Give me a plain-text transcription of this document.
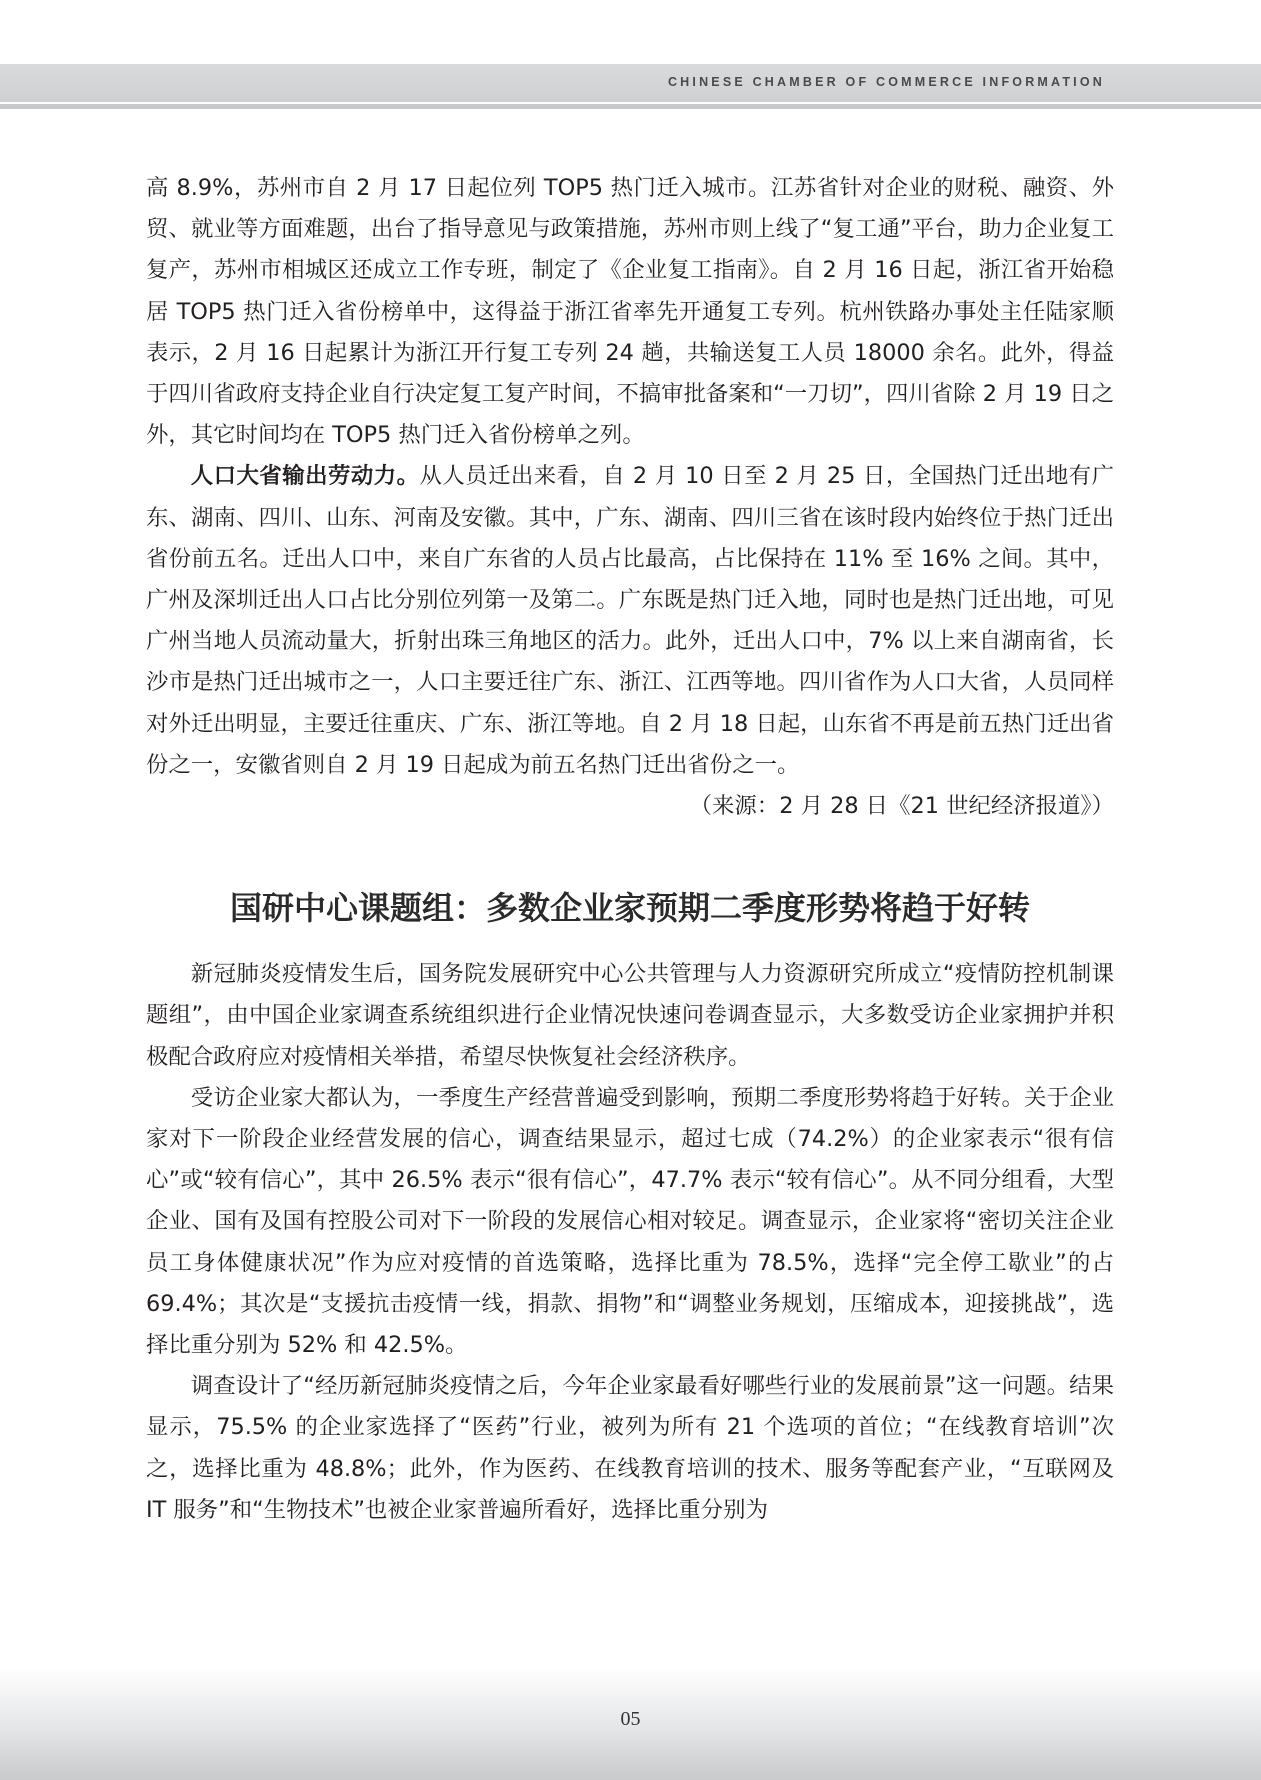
CHINESE CHAMBER OF COMMERCE INFORMATION

高 8.9%，苏州市自 2 月 17 日起位列 TOP5 热门迁入城市。江苏省针对企业的财税、融资、外贸、就业等方面难题，出台了指导意见与政策措施，苏州市则上线了“复工通”平台，助力企业复工复产，苏州市相城区还成立工作专班，制定了《企业复工指南》。自 2 月 16 日起，浙江省开始稳居 TOP5 热门迁入省份榜单中，这得益于浙江省率先开通复工专列。杭州铁路办事处主任陆家顺表示，2 月 16 日起累计为浙江开行复工专列 24 趟，共输送复工人员 18000 余名。此外，得益于四川省政府支持企业自行决定复工复产时间，不搞审批备案和“一刀切”，四川省除 2 月 19 日之外，其它时间均在 TOP5 热门迁入省份榜单之列。

人口大省输出劳动力。从人员迁出来看，自 2 月 10 日至 2 月 25 日，全国热门迁出地有广东、湖南、四川、山东、河南及安徽。其中，广东、湖南、四川三省在该时段内始终位于热门迁出省份前五名。迁出人口中，来自广东省的人员占比最高，占比保持在 11% 至 16% 之间。其中，广州及深圳迁出人口占比分别位列第一及第二。广东既是热门迁入地，同时也是热门迁出地，可见广州当地人员流动量大，折射出珠三角地区的活力。此外，迁出人口中，7% 以上来自湖南省，长沙市是热门迁出城市之一，人口主要迁往广东、浙江、江西等地。四川省作为人口大省，人员同样对外迁出明显，主要迁往重庆、广东、浙江等地。自 2 月 18 日起，山东省不再是前五热门迁出省份之一，安徽省则自 2 月 19 日起成为前五名热门迁出省份之一。

（来源：2 月 28 日《21 世纪经济报道》）

国研中心课题组：多数企业家预期二季度形势将趋于好转

新冠肺炎疫情发生后，国务院发展研究中心公共管理与人力资源研究所成立“疫情防控机制课题组”，由中国企业家调查系统组织进行企业情况快速问卷调查显示，大多数受访企业家拥护并积极配合政府应对疫情相关举措，希望尽快恢复社会经济秩序。

受访企业家大都认为，一季度生产经营普遍受到影响，预期二季度形势将趋于好转。关于企业家对下一阶段企业经营发展的信心，调查结果显示，超过七成（74.2%）的企业家表示“很有信心”或“较有信心”，其中 26.5% 表示“很有信心”，47.7% 表示“较有信心”。从不同分组看，大型企业、国有及国有控股公司对下一阶段的发展信心相对较足。调查显示，企业家将“密切关注企业员工身体健康状况”作为应对疫情的首选策略，选择比重为 78.5%，选择“完全停工歇业”的占 69.4%；其次是“支援抗击疫情一线，捐款、捐物”和“调整业务规划，压缩成本，迎接挑战”，选择比重分别为 52% 和 42.5%。

调查设计了“经历新冠肺炎疫情之后，今年企业家最看好哪些行业的发展前景”这一问题。结果显示，75.5% 的企业家选择了“医药”行业，被列为所有 21 个选项的首位；“在线教育培训”次之，选择比重为 48.8%；此外，作为医药、在线教育培训的技术、服务等配套产业，“互联网及 IT 服务”和“生物技术”也被企业家普遍所看好，选择比重分别为

05
